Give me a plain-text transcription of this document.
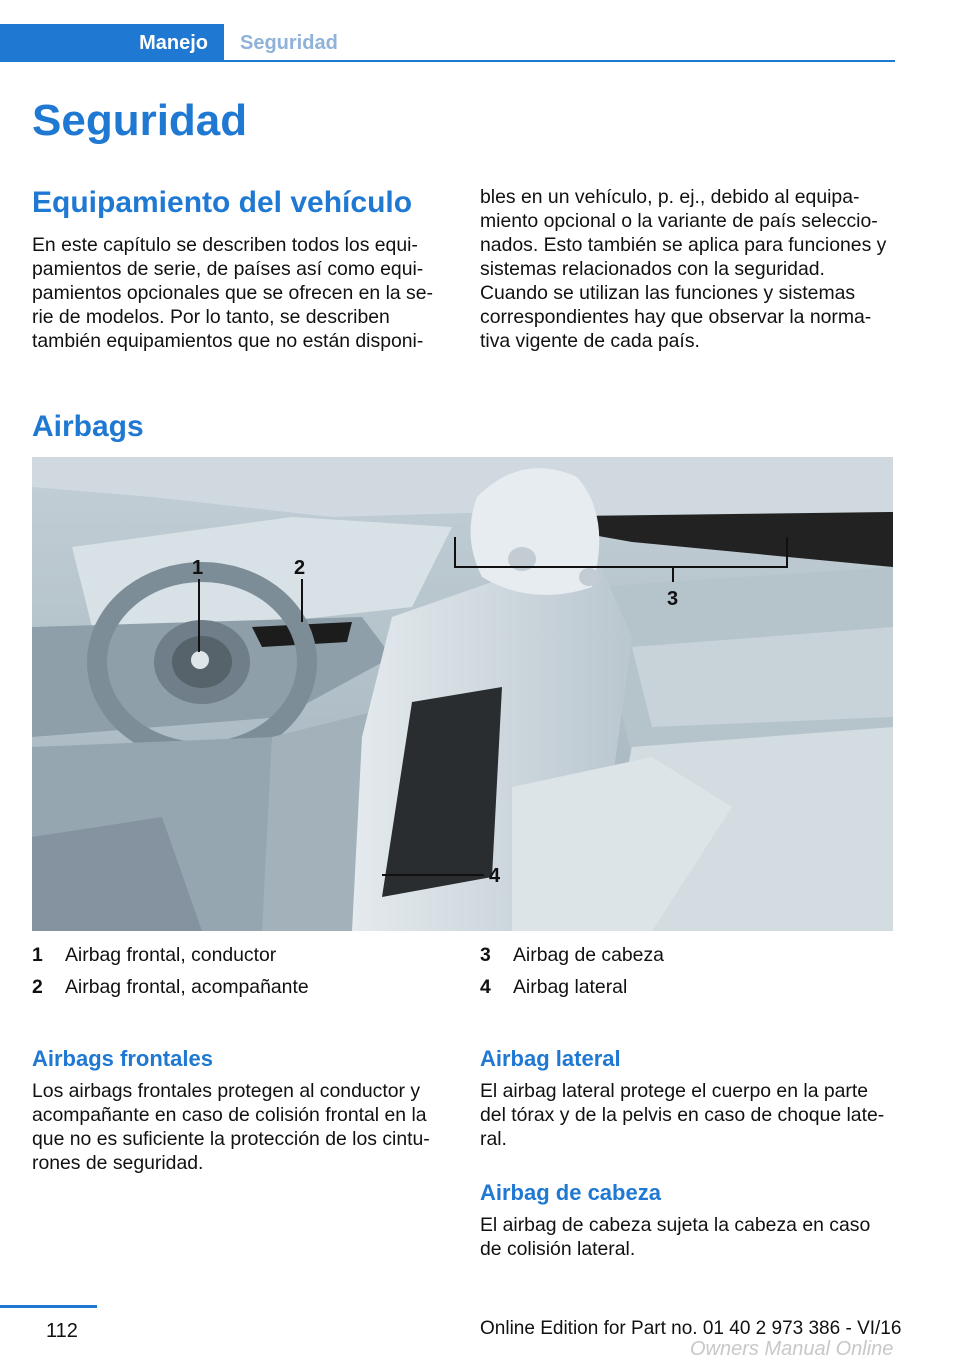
Manejo	Seguridad
Seguridad
Equipamiento del vehículo
En este capítulo se describen todos los equi‐
pamientos de serie, de países así como equi‐
pamientos opcionales que se ofrecen en la se‐
rie de modelos. Por lo tanto, se describen
también equipamientos que no están disponi‐
bles en un vehículo, p. ej., debido al equipa‐
miento opcional o la variante de país seleccio‐
nados. Esto también se aplica para funciones y
sistemas relacionados con la seguridad.
Cuando se utilizan las funciones y sistemas
correspondientes hay que observar la norma‐
tiva vigente de cada país.
Airbags
1	2
3
4
1	Airbag frontal, conductor
2	Airbag frontal, acompañante
3	Airbag de cabeza
4	Airbag lateral
Airbags frontales
Los airbags frontales protegen al conductor y
acompañante en caso de colisión frontal en la
que no es suficiente la protección de los cintu‐
rones de seguridad.
Airbag lateral
El airbag lateral protege el cuerpo en la parte
del tórax y de la pelvis en caso de choque late‐
ral.
Airbag de cabeza
El airbag de cabeza sujeta la cabeza en caso
de colisión lateral.
112	Online Edition for Part no. 01 40 2 973 386 - VI/16
Owners Manual Online
